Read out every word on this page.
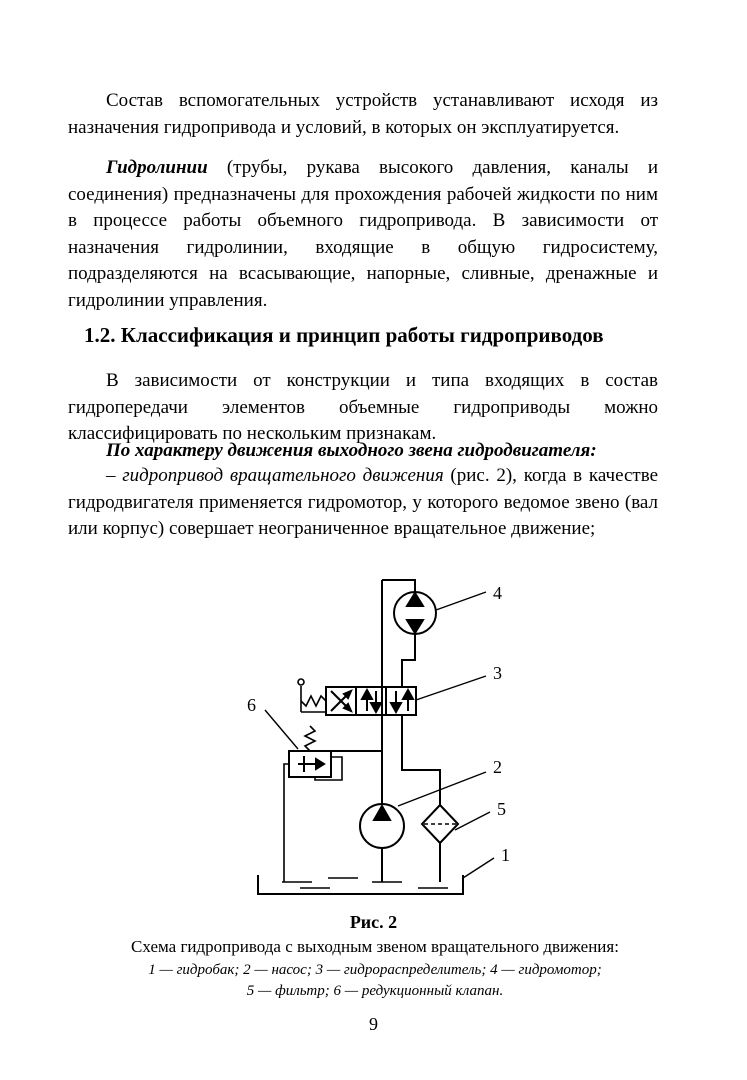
Состав вспомогательных устройств устанавливают исходя из назначения гидропривода и условий, в которых он эксплуатируется.
Гидролинии (трубы, рукава высокого давления, каналы и соединения) предназначены для прохождения рабочей жидкости по ним в процессе работы объемного гидропривода. В зависимости от назначения гидролинии, входящие в общую гидросистему, подразделяются на всасывающие, напорные, сливные, дренажные и гидролинии управления.
1.2. Классификация и принцип работы гидроприводов
В зависимости от конструкции и типа входящих в состав гидропередачи элементов объемные гидроприводы можно классифицировать по нескольким признакам.
По характеру движения выходного звена гидродвигателя:
– гидропривод вращательного движения (рис. 2), когда в качестве гидродвигателя применяется гидромотор, у которого ведомое звено (вал или корпус) совершает неограниченное вращательное движение;
4
3
2
5
1
6
Рис. 2
Схема гидропривода с выходным звеном вращательного движения:
1 — гидробак; 2 — насос; 3 — гидрораспределитель; 4 — гидромотор;
5 — фильтр; 6 — редукционный клапан.
9
